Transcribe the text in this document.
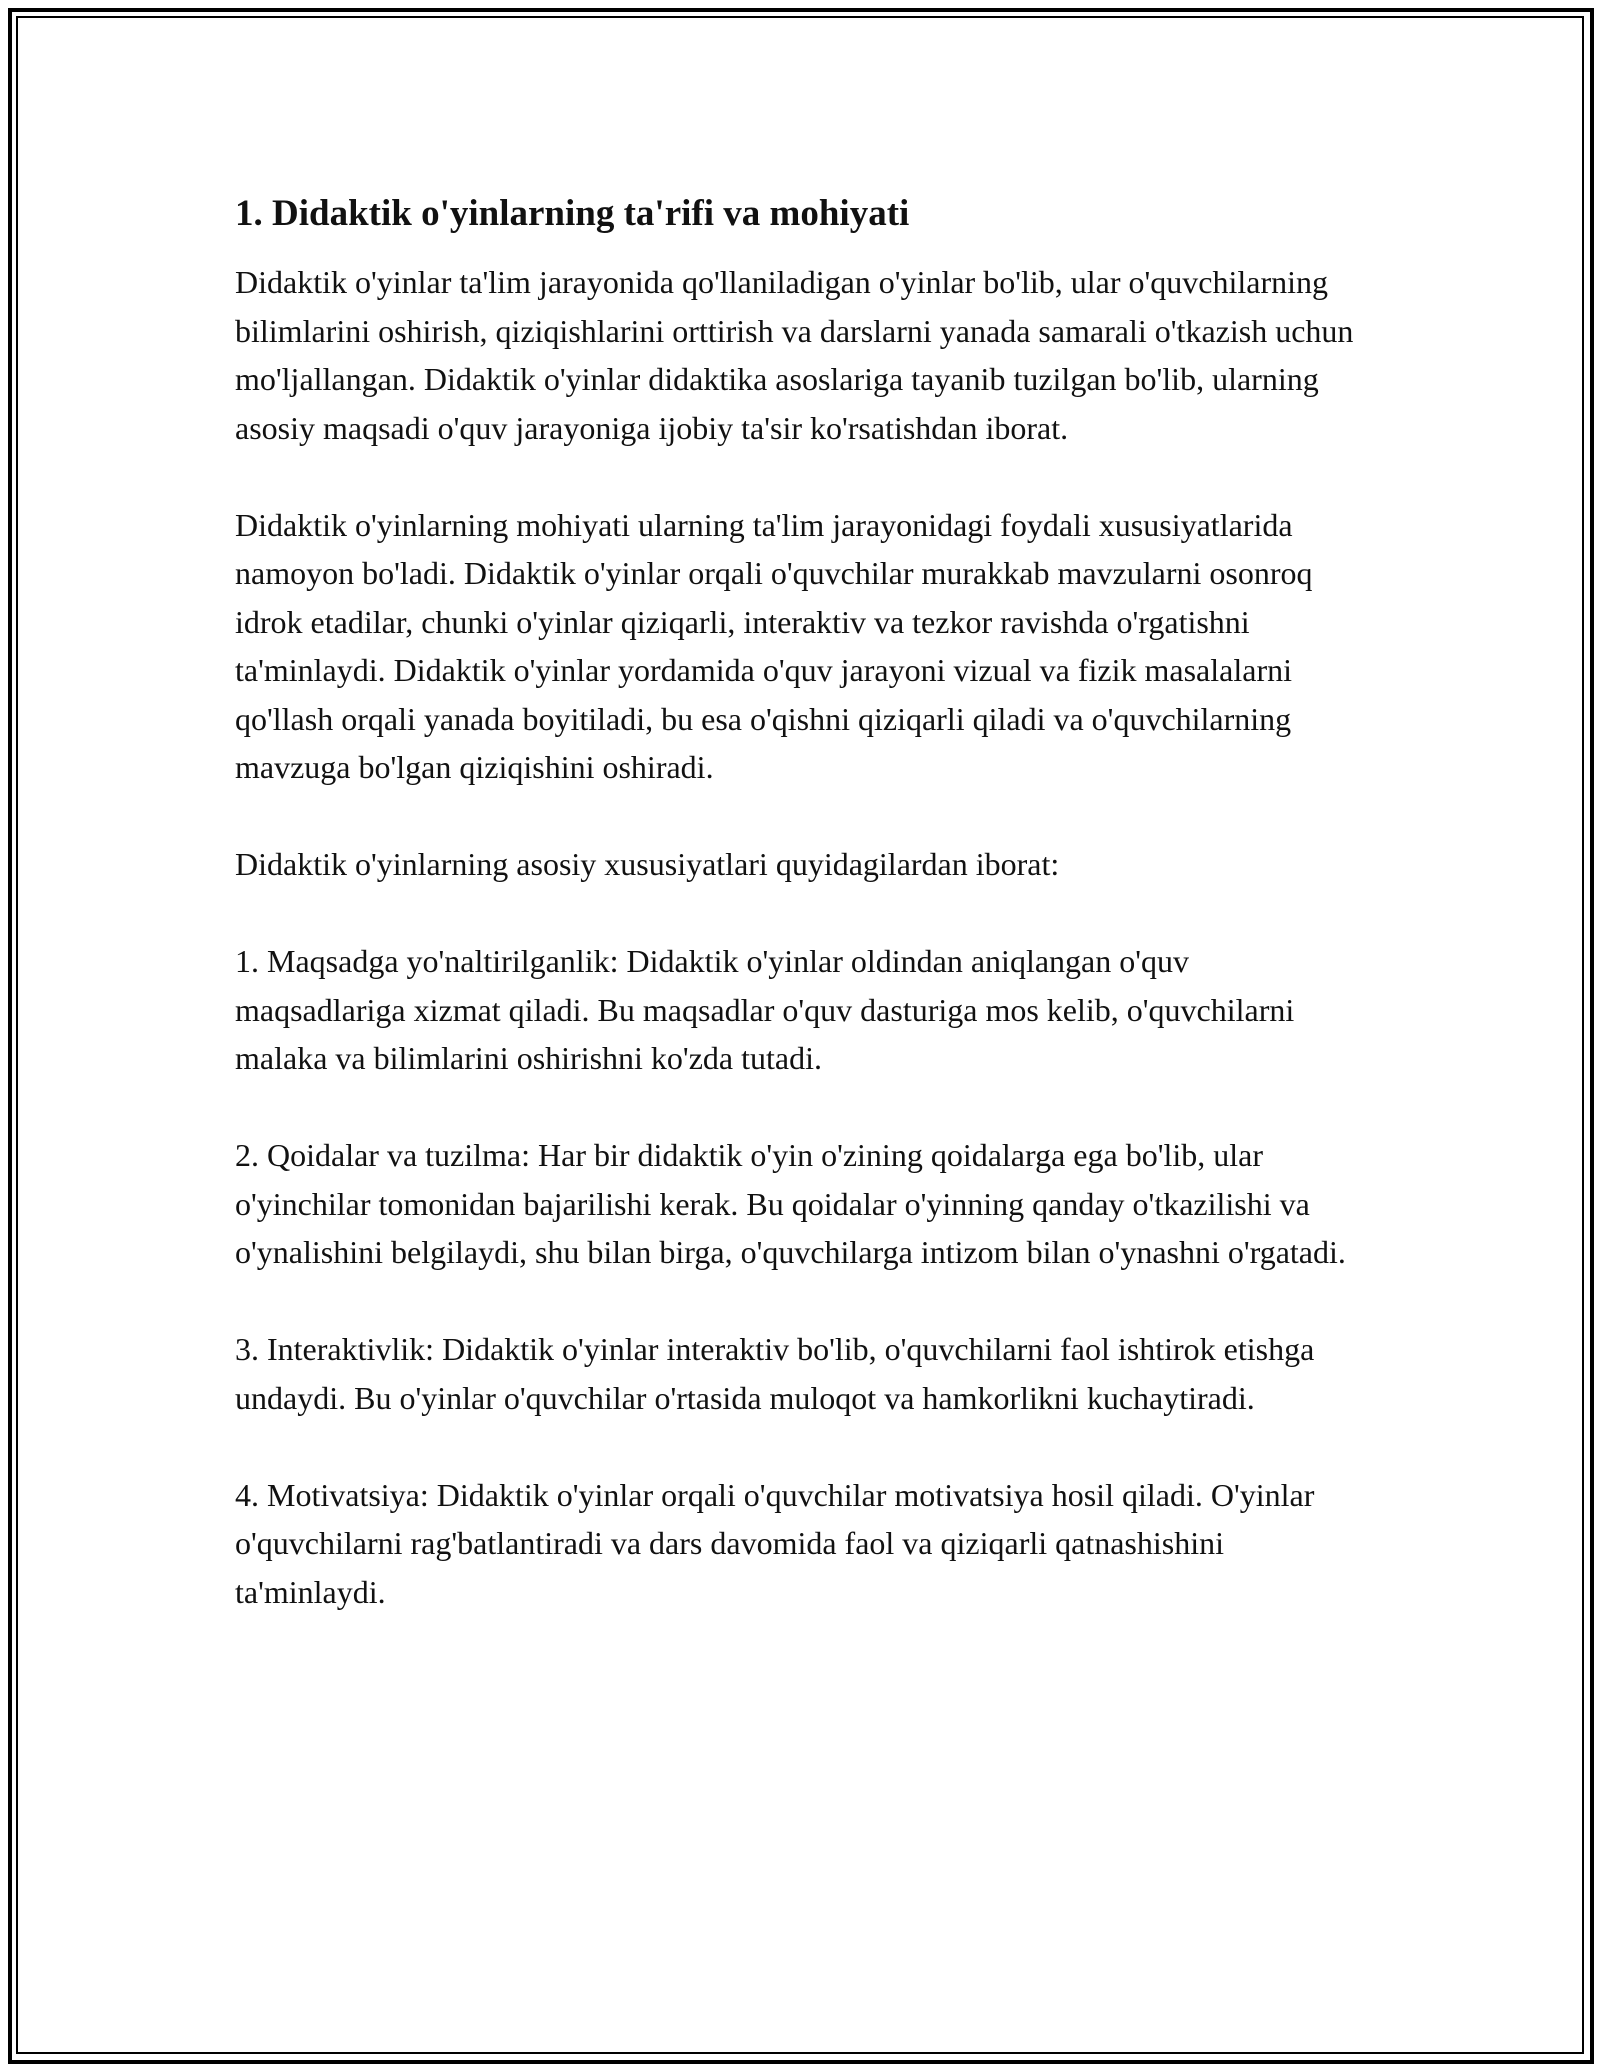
1. Didaktik o'yinlarning ta'rifi va mohiyati

Didaktik o'yinlar ta'lim jarayonida qo'llaniladigan o'yinlar bo'lib, ular o'quvchilarning bilimlarini oshirish, qiziqishlarini orttirish va darslarni yanada samarali o'tkazish uchun mo'ljallangan. Didaktik o'yinlar didaktika asoslariga tayanib tuzilgan bo'lib, ularning asosiy maqsadi o'quv jarayoniga ijobiy ta'sir ko'rsatishdan iborat.

Didaktik o'yinlarning mohiyati ularning ta'lim jarayonidagi foydali xususiyatlarida namoyon bo'ladi. Didaktik o'yinlar orqali o'quvchilar murakkab mavzularni osonroq idrok etadilar, chunki o'yinlar qiziqarli, interaktiv va tezkor ravishda o'rgatishni ta'minlaydi. Didaktik o'yinlar yordamida o'quv jarayoni vizual va fizik masalalarni qo'llash orqali yanada boyitiladi, bu esa o'qishni qiziqarli qiladi va o'quvchilarning mavzuga bo'lgan qiziqishini oshiradi.

Didaktik o'yinlarning asosiy xususiyatlari quyidagilardan iborat:

1. Maqsadga yo'naltirilganlik: Didaktik o'yinlar oldindan aniqlangan o'quv maqsadlariga xizmat qiladi. Bu maqsadlar o'quv dasturiga mos kelib, o'quvchilarni malaka va bilimlarini oshirishni ko'zda tutadi.

2. Qoidalar va tuzilma: Har bir didaktik o'yin o'zining qoidalarga ega bo'lib, ular o'yinchilar tomonidan bajarilishi kerak. Bu qoidalar o'yinning qanday o'tkazilishi va o'ynalishini belgilaydi, shu bilan birga, o'quvchilarga intizom bilan o'ynashni o'rgatadi.

3. Interaktivlik: Didaktik o'yinlar interaktiv bo'lib, o'quvchilarni faol ishtirok etishga undaydi. Bu o'yinlar o'quvchilar o'rtasida muloqot va hamkorlikni kuchaytiradi.

4. Motivatsiya: Didaktik o'yinlar orqali o'quvchilar motivatsiya hosil qiladi. O'yinlar o'quvchilarni rag'batlantiradi va dars davomida faol va qiziqarli qatnashishini ta'minlaydi.
